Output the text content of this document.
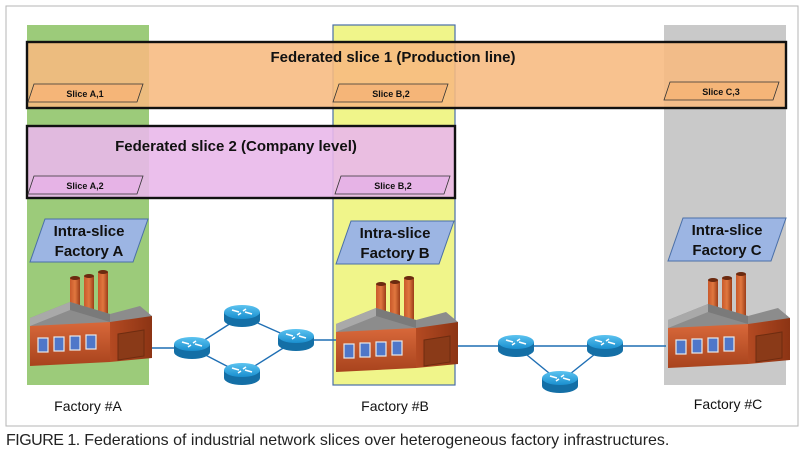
Federated slice 1 (Production line)
Slice A,1	Slice B,2	Slice C,3
Federated slice 2 (Company level)
Slice A,2	Slice B,2
Intra-slice
Factory A
Intra-slice
Factory B
Intra-slice
Factory C
Factory #A	Factory #B	Factory #C
FIGURE 1. Federations of industrial network slices over heterogeneous factory infrastructures.
